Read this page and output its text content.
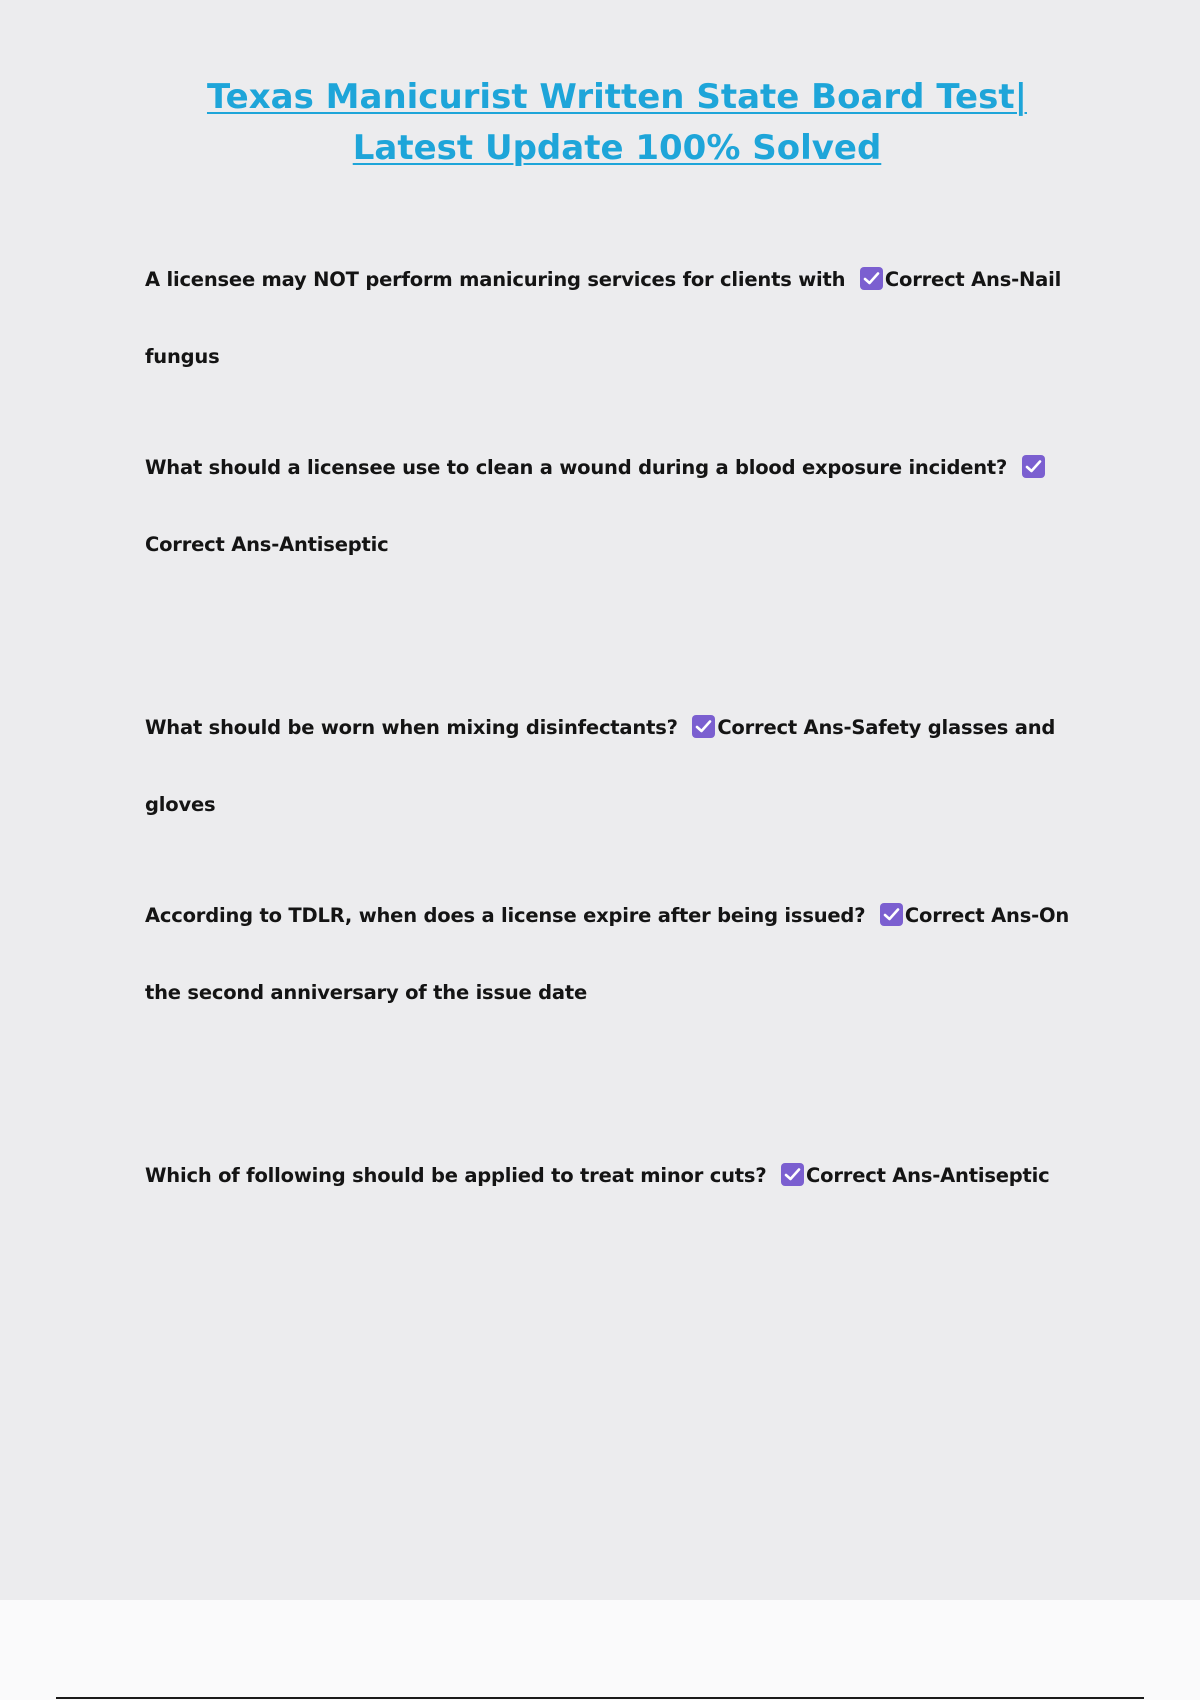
Texas Manicurist Written State Board Test| Latest Update 100% Solved

A licensee may NOT perform manicuring services for clients with Correct Ans-Nail fungus

What should a licensee use to clean a wound during a blood exposure incident?
Correct Ans-Antiseptic

What should be worn when mixing disinfectants? Correct Ans-Safety glasses and gloves

According to TDLR, when does a license expire after being issued? Correct Ans-On the second anniversary of the issue date

Which of following should be applied to treat minor cuts? Correct Ans-Antiseptic
